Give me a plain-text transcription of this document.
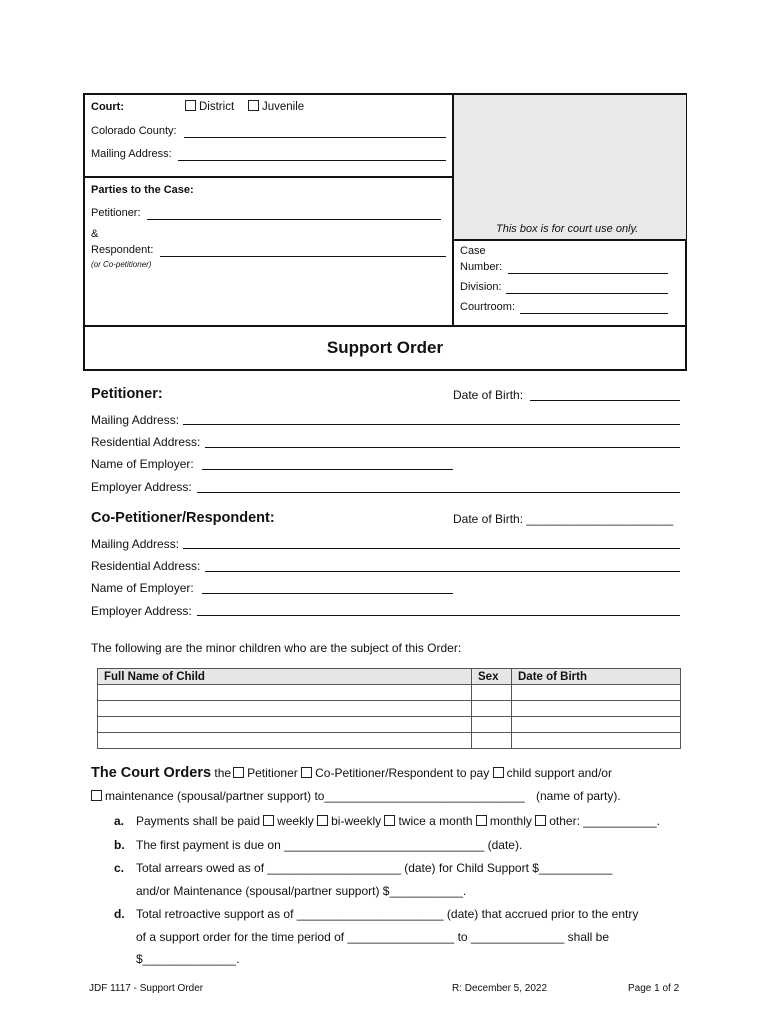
Court:	District	Juvenile
Colorado County:
Mailing Address:
Parties to the Case:
Petitioner:
&
Respondent:
(or Co-petitioner)
This box is for court use only.
Case
Number:
Division:
Courtroom:
Support Order
Petitioner:	Date of Birth:
Mailing Address:
Residential Address:
Name of Employer:
Employer Address:
Co-Petitioner/Respondent:	Date of Birth: ______________________
Mailing Address:
Residential Address:
Name of Employer:
Employer Address:
The following are the minor children who are the subject of this Order:
Full Name of Child	Sex	Date of Birth

The Court Orders the Petitioner Co-Petitioner/Respondent to pay child support and/or
maintenance (spousal/partner support) to______________________________ (name of party).
a. Payments shall be paid weekly bi-weekly twice a month monthly other: ___________.
b. The first payment is due on ______________________________ (date).
c. Total arrears owed as of ____________________ (date) for Child Support $___________
and/or Maintenance (spousal/partner support) $___________.
d. Total retroactive support as of ______________________ (date) that accrued prior to the entry
of a support order for the time period of ________________ to ______________ shall be
$______________.
JDF 1117 - Support Order	R: December 5, 2022	Page 1 of 2
